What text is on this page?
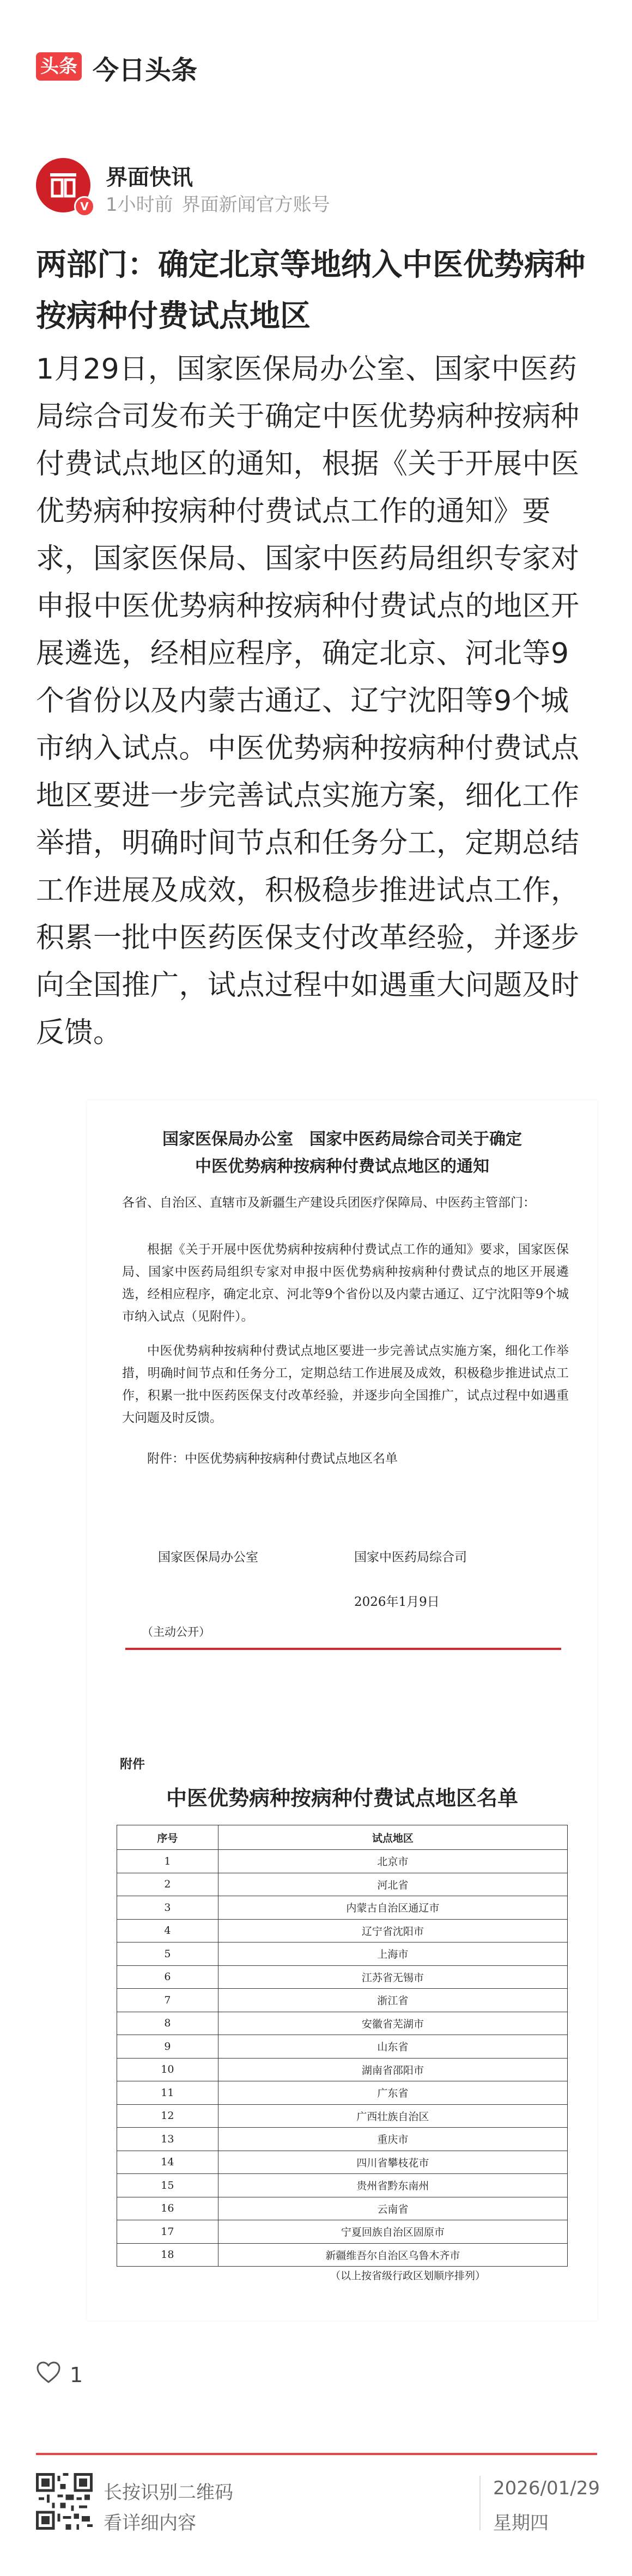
头条 今日头条
V
界面快讯
1小时前 界面新闻官方账号
两部门：确定北京等地纳入中医优势病种按病种付费试点地区

1月29日，国家医保局办公室、国家中医药局综合司发布关于确定中医优势病种按病种付费试点地区的通知，根据《关于开展中医优势病种按病种付费试点工作的通知》要求，国家医保局、国家中医药局组织专家对申报中医优势病种按病种付费试点的地区开展遴选，经相应程序，确定北京、河北等9个省份以及内蒙古通辽、辽宁沈阳等9个城市纳入试点。中医优势病种按病种付费试点地区要进一步完善试点实施方案，细化工作举措，明确时间节点和任务分工，定期总结工作进展及成效，积极稳步推进试点工作，积累一批中医药医保支付改革经验，并逐步向全国推广，试点过程中如遇重大问题及时反馈。

国家医保局办公室　国家中医药局综合司关于确定
中医优势病种按病种付费试点地区的通知

各省、自治区、直辖市及新疆生产建设兵团医疗保障局、中医药主管部门：

根据《关于开展中医优势病种按病种付费试点工作的通知》要求，国家医保局、国家中医药局组织专家对申报中医优势病种按病种付费试点的地区开展遴选，经相应程序，确定北京、河北等9个省份以及内蒙古通辽、辽宁沈阳等9个城市纳入试点（见附件）。

中医优势病种按病种付费试点地区要进一步完善试点实施方案，细化工作举措，明确时间节点和任务分工，定期总结工作进展及成效，积极稳步推进试点工作，积累一批中医药医保支付改革经验，并逐步向全国推广，试点过程中如遇重大问题及时反馈。

附件：中医优势病种按病种付费试点地区名单

国家医保局办公室	国家中医药局综合司
2026年1月9日
（主动公开）
附件
中医优势病种按病种付费试点地区名单
序号	试点地区
1	北京市
2	河北省
3	内蒙古自治区通辽市
4	辽宁省沈阳市
5	上海市
6	江苏省无锡市
7	浙江省
8	安徽省芜湖市
9	山东省
10	湖南省邵阳市
11	广东省
12	广西壮族自治区
13	重庆市
14	四川省攀枝花市
15	贵州省黔东南州
16	云南省
17	宁夏回族自治区固原市
18	新疆维吾尔自治区乌鲁木齐市
（以上按省级行政区划顺序排列）
1
长按识别二维码
看详细内容
2026/01/29
星期四
